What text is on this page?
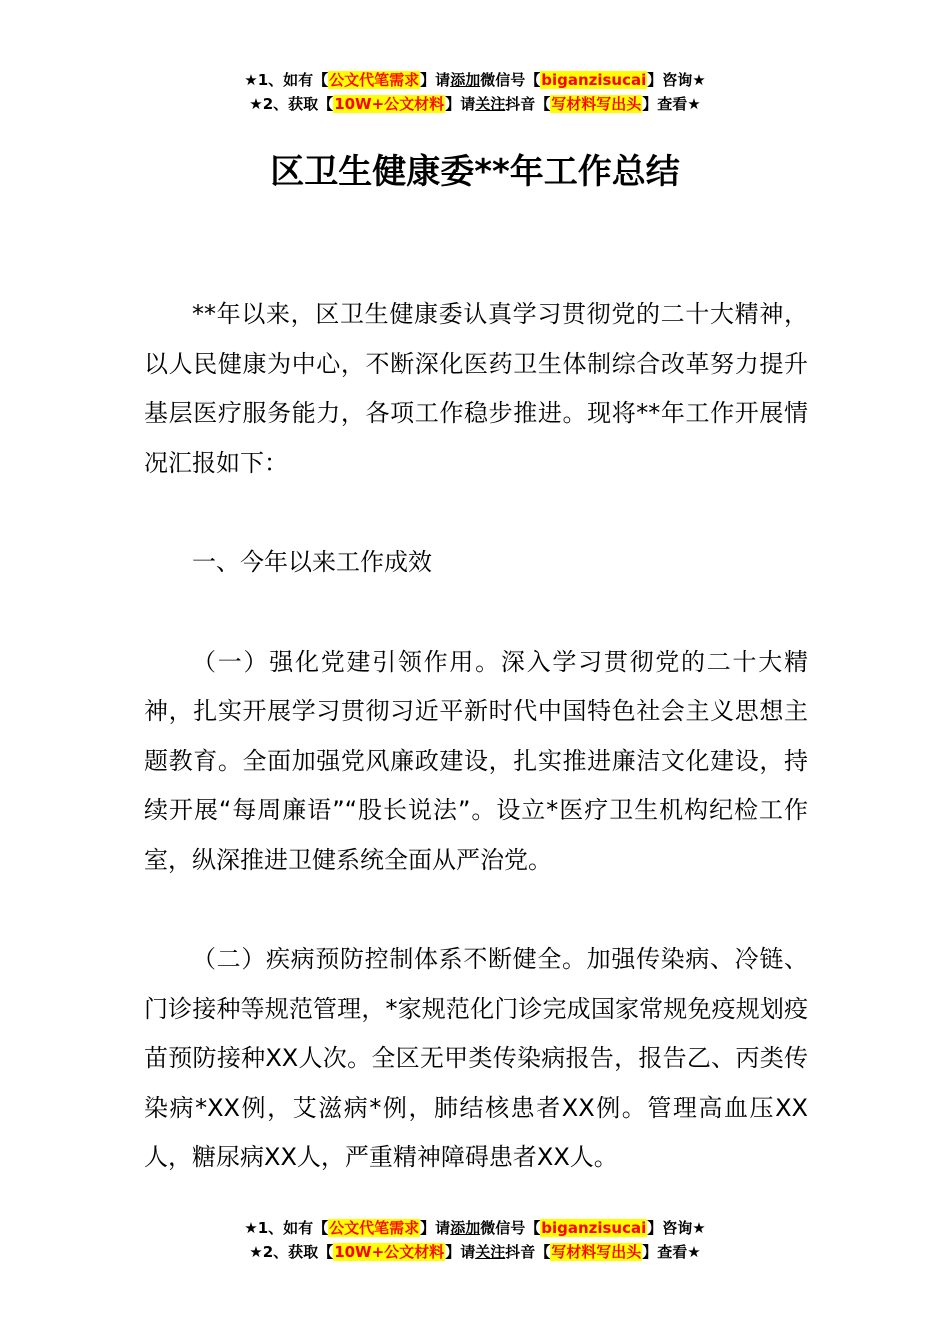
★1、如有【公文代笔需求】请添加微信号【biganzisucai】咨询★
★2、获取【10W+公文材料】请关注抖音【写材料写出头】查看★
区卫生健康委**年工作总结

**年以来，区卫生健康委认真学习贯彻党的二十大精神，以人民健康为中心，不断深化医药卫生体制综合改革努力提升基层医疗服务能力，各项工作稳步推进。现将**年工作开展情况汇报如下：

一、今年以来工作成效

（一）强化党建引领作用。深入学习贯彻党的二十大精神，扎实开展学习贯彻习近平新时代中国特色社会主义思想主题教育。全面加强党风廉政建设，扎实推进廉洁文化建设，持续开展“每周廉语”“股长说法”。设立*医疗卫生机构纪检工作室，纵深推进卫健系统全面从严治党。

（二）疾病预防控制体系不断健全。加强传染病、冷链、门诊接种等规范管理，*家规范化门诊完成国家常规免疫规划疫苗预防接种XX人次。全区无甲类传染病报告，报告乙、丙类传染病*XX例，艾滋病*例，肺结核患者XX例。管理高血压XX人，糖尿病XX人，严重精神障碍患者XX人。

★1、如有【公文代笔需求】请添加微信号【biganzisucai】咨询★
★2、获取【10W+公文材料】请关注抖音【写材料写出头】查看★
